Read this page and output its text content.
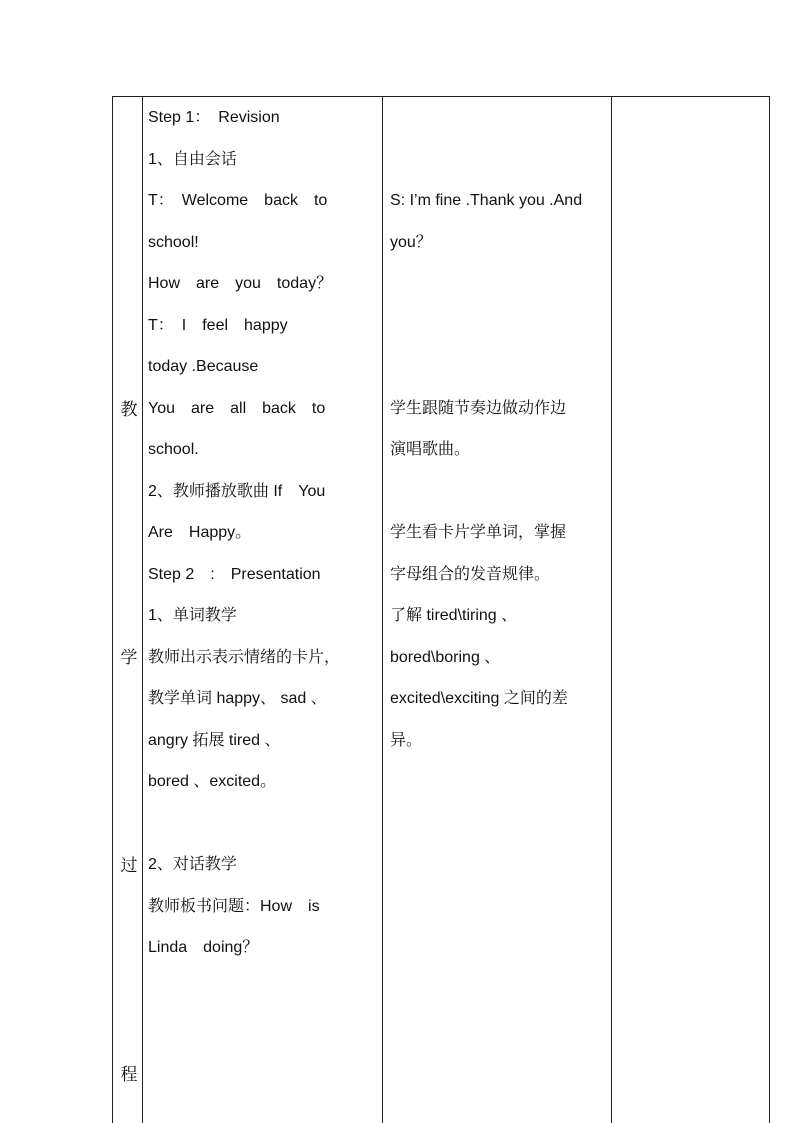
教
学
过
程
Step 1：　Revision
1、自由会话
T：　Welcome　back　to
school!
How　are　you　today？
T：　I　feel　happy
today .Because
You　are　all　back　to
school.
2、教师播放歌曲 If　You
Are　Happy。
Step 2　:　Presentation
1、单词教学
教师出示表示情绪的卡片，
教学单词 happy、 sad 、
angry 拓展 tired 、
bored 、excited。
2、对话教学
教师板书问题：How　is
Linda　doing？
S: I’m fine .Thank you .And
you？
学生跟随节奏边做动作边
演唱歌曲。
学生看卡片学单词，掌握
字母组合的发音规律。
了解 tired\tiring 、
bored\boring 、
excited\exciting 之间的差
异。
